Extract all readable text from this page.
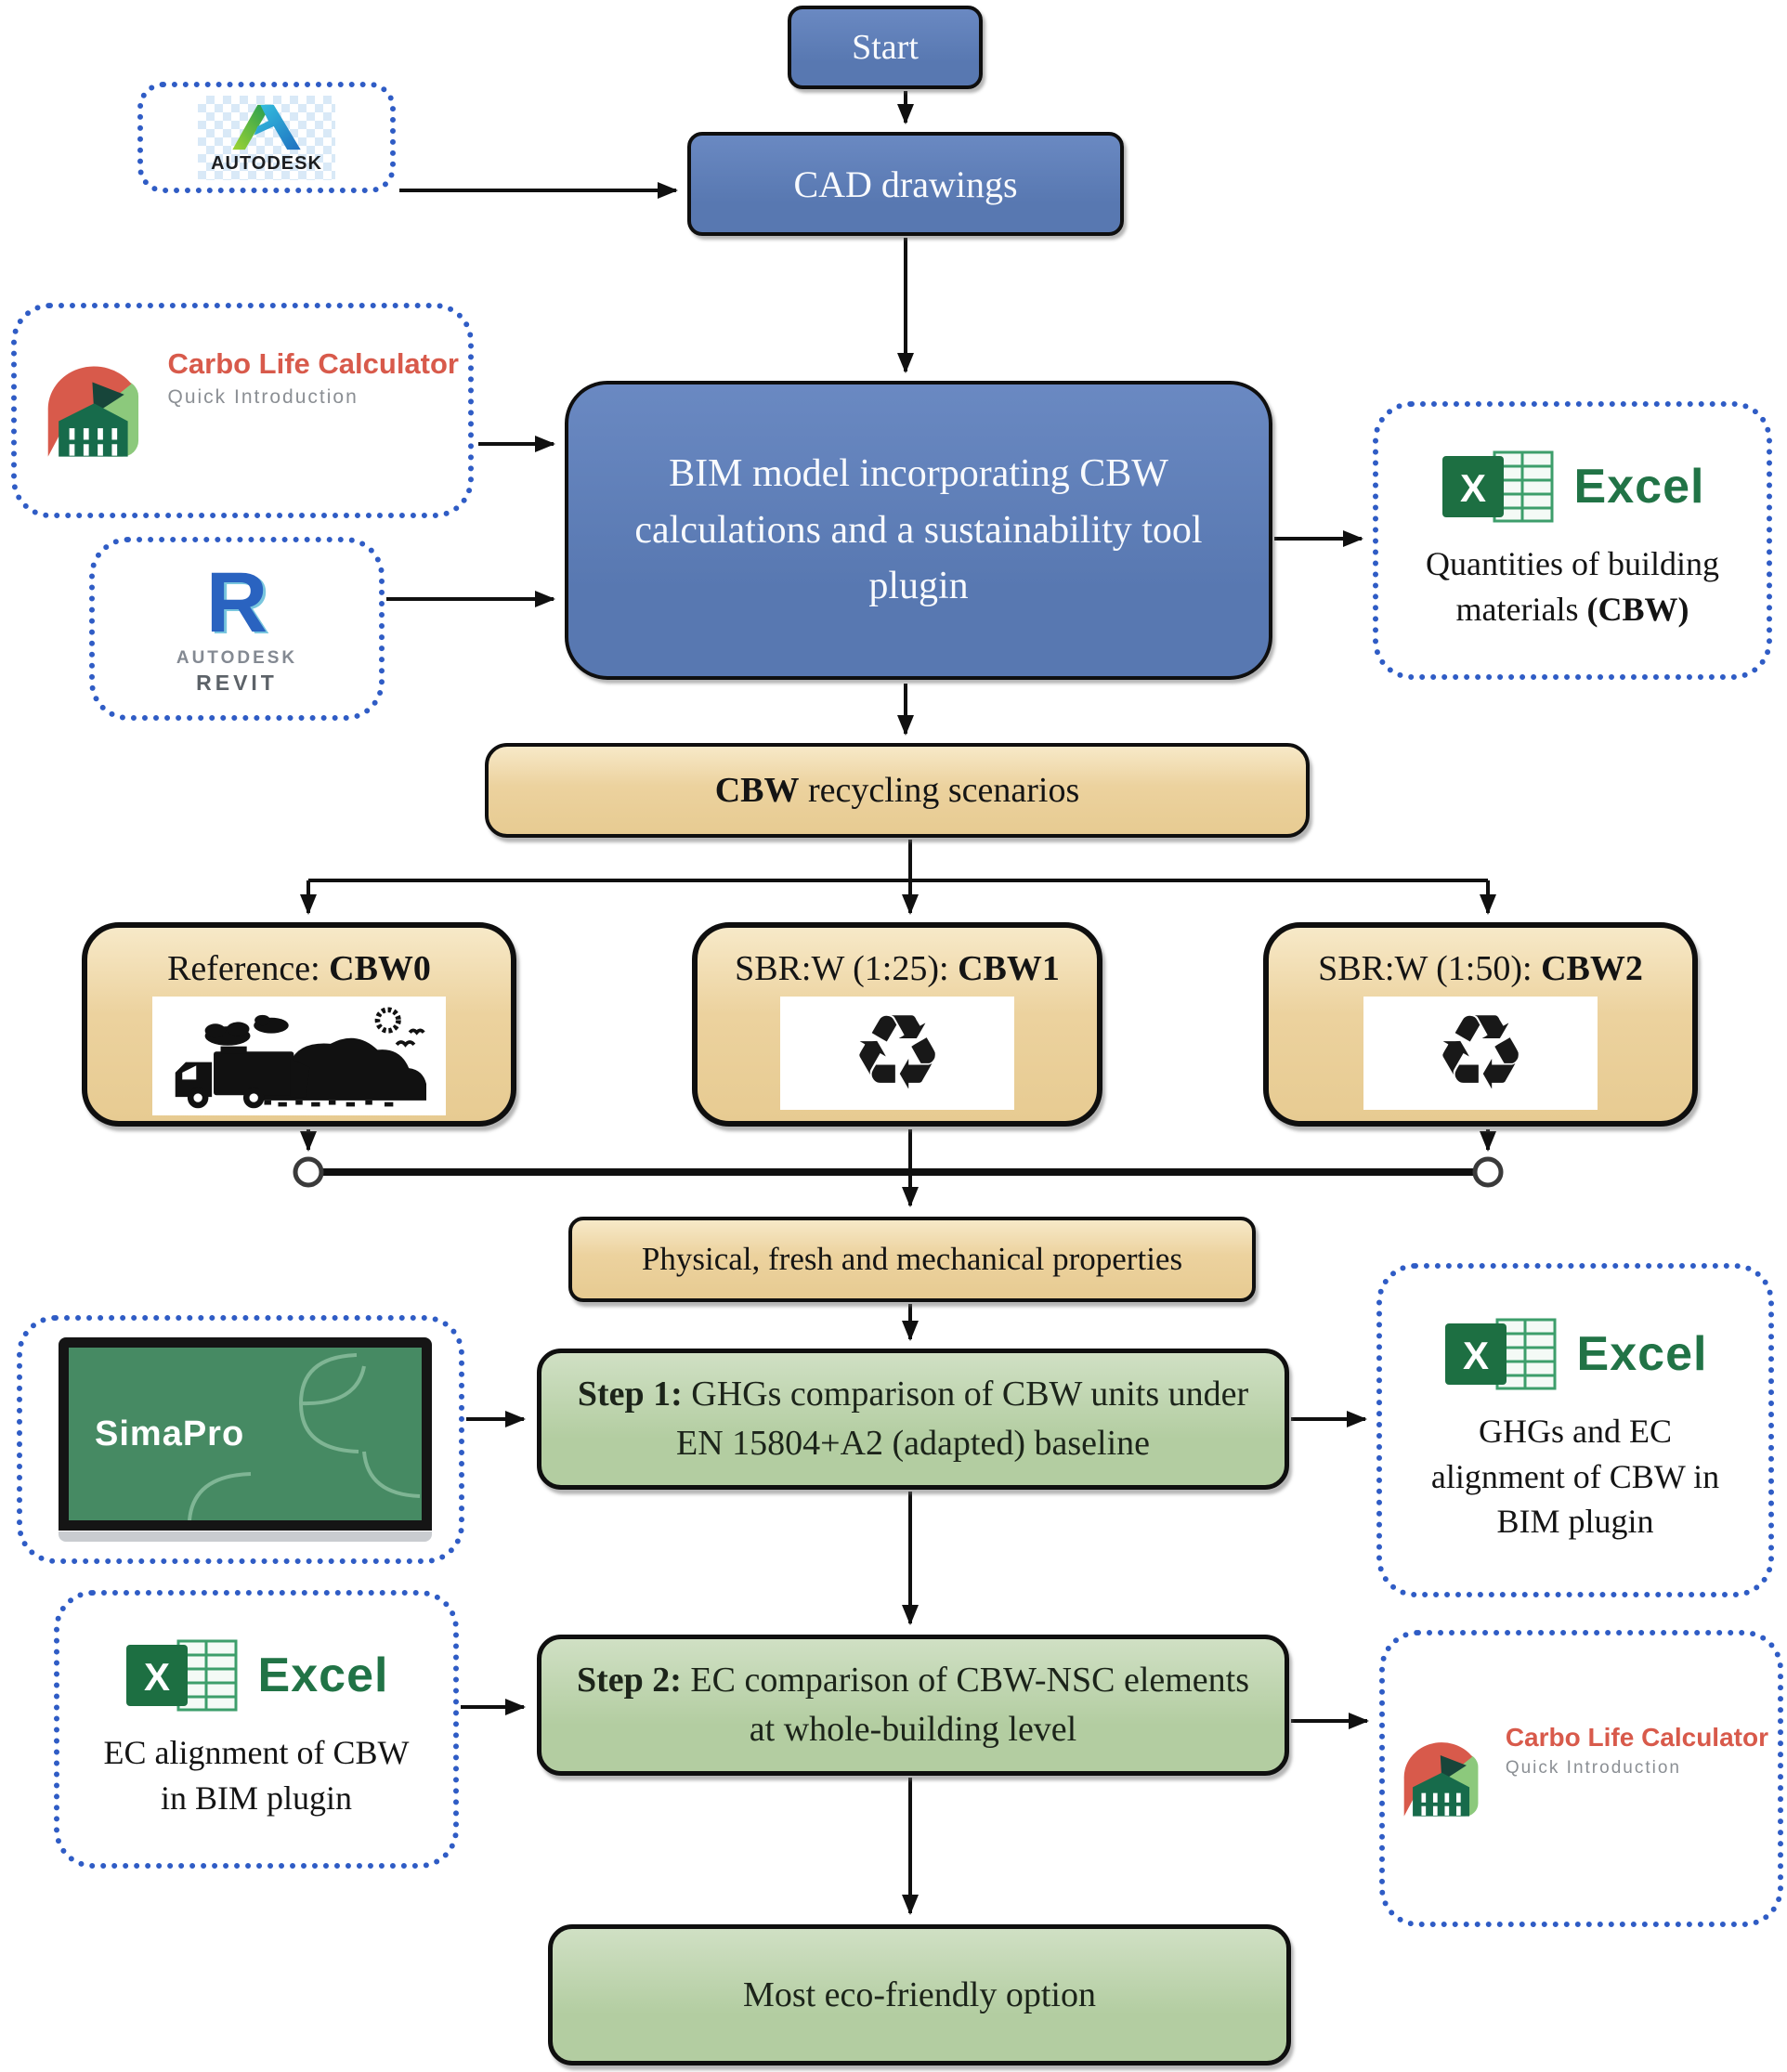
Start
CAD drawings
BIM model incorporating CBW calculations and a sustainability tool plugin
CBW recycling scenarios
Reference: CBW0	SBR:W (1:25): CBW1
♻
SBR:W (1:50): CBW2
♻
Physical, fresh and mechanical properties
Step 1: GHGs comparison of CBW units under EN 15804+A2 (adapted) baseline
Step 2: EC comparison of CBW-NSC elements at whole-building level
Most eco-friendly option
AUTODESK
Carbo Life Calculator
Quick Introduction
R
AUTODESK
REVIT
X Excel
Quantities of building materials (CBW)
SimaPro
X Excel
GHGs and EC alignment of CBW in BIM plugin
X Excel
EC alignment of CBW in BIM plugin
Carbo Life Calculator
Quick Introduction
